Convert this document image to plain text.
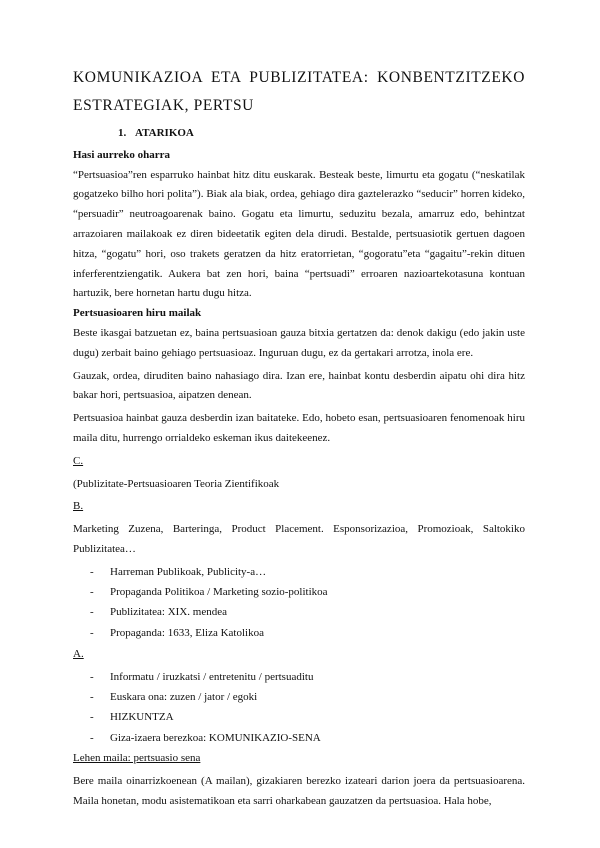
KOMUNIKAZIOA ETA PUBLIZITATEA: KONBENTZITZEKO ESTRATEGIAK, PERTSU

1. ATARIKOA

Hasi aurreko oharra

“Pertsuasioa”ren esparruko hainbat hitz ditu euskarak. Besteak beste, limurtu eta gogatu (“neskatilak gogatzeko bilho hori polita”). Biak ala biak, ordea, gehiago dira gaztelerazko “seducir” horren kideko, “persuadir” neutroagoarenak baino. Gogatu eta limurtu, seduzitu bezala, amarruz edo, behintzat arrazoiaren mailakoak ez diren bideetatik egiten dela dirudi. Bestalde, pertsuasiotik gertuen dagoen hitza, “gogatu” hori, oso trakets geratzen da hitz eratorrietan, “gogoratu”eta “gagaitu”-rekin dituen inferferentziengatik. Aukera bat zen hori, baina “pertsuadi” erroaren nazioartekotasuna kontuan hartuzik, bere hornetan hartu dugu hitza.

Pertsuasioaren hiru mailak

Beste ikasgai batzuetan ez, baina pertsuasioan gauza bitxia gertatzen da: denok dakigu (edo jakin uste dugu) zerbait baino gehiago pertsuasioaz. Inguruan dugu, ez da gertakari arrotza, inola ere.

Gauzak, ordea, diruditen baino nahasiago dira. Izan ere, hainbat kontu desberdin aipatu ohi dira hitz bakar hori, pertsuasioa, aipatzen denean.

Pertsuasioa hainbat gauza desberdin izan baitateke. Edo, hobeto esan, pertsuasioaren fenomenoak hiru maila ditu, hurrengo orrialdeko eskeman ikus daitekeenez.

C.

(Publizitate-Pertsuasioaren Teoria Zientifikoak

B.

Marketing Zuzena, Barteringa, Product Placement. Esponsorizazioa, Promozioak, Saltokiko Publizitatea…

- Harreman Publikoak, Publicity-a…
- Propaganda Politikoa / Marketing sozio-politikoa
- Publizitatea: XIX. mendea
- Propaganda: 1633, Eliza Katolikoa

A.

- Informatu / iruzkatsi / entretenitu / pertsuaditu
- Euskara ona: zuzen / jator / egoki
- HIZKUNTZA
- Giza-izaera berezkoa: KOMUNIKAZIO-SENA

Lehen maila: pertsuasio sena

Bere maila oinarrizkoenean (A mailan), gizakiaren berezko izateari darion joera da pertsuasioarena. Maila honetan, modu asistematikoan eta sarri oharkabean gauzatzen da pertsuasioa. Hala hobe,
